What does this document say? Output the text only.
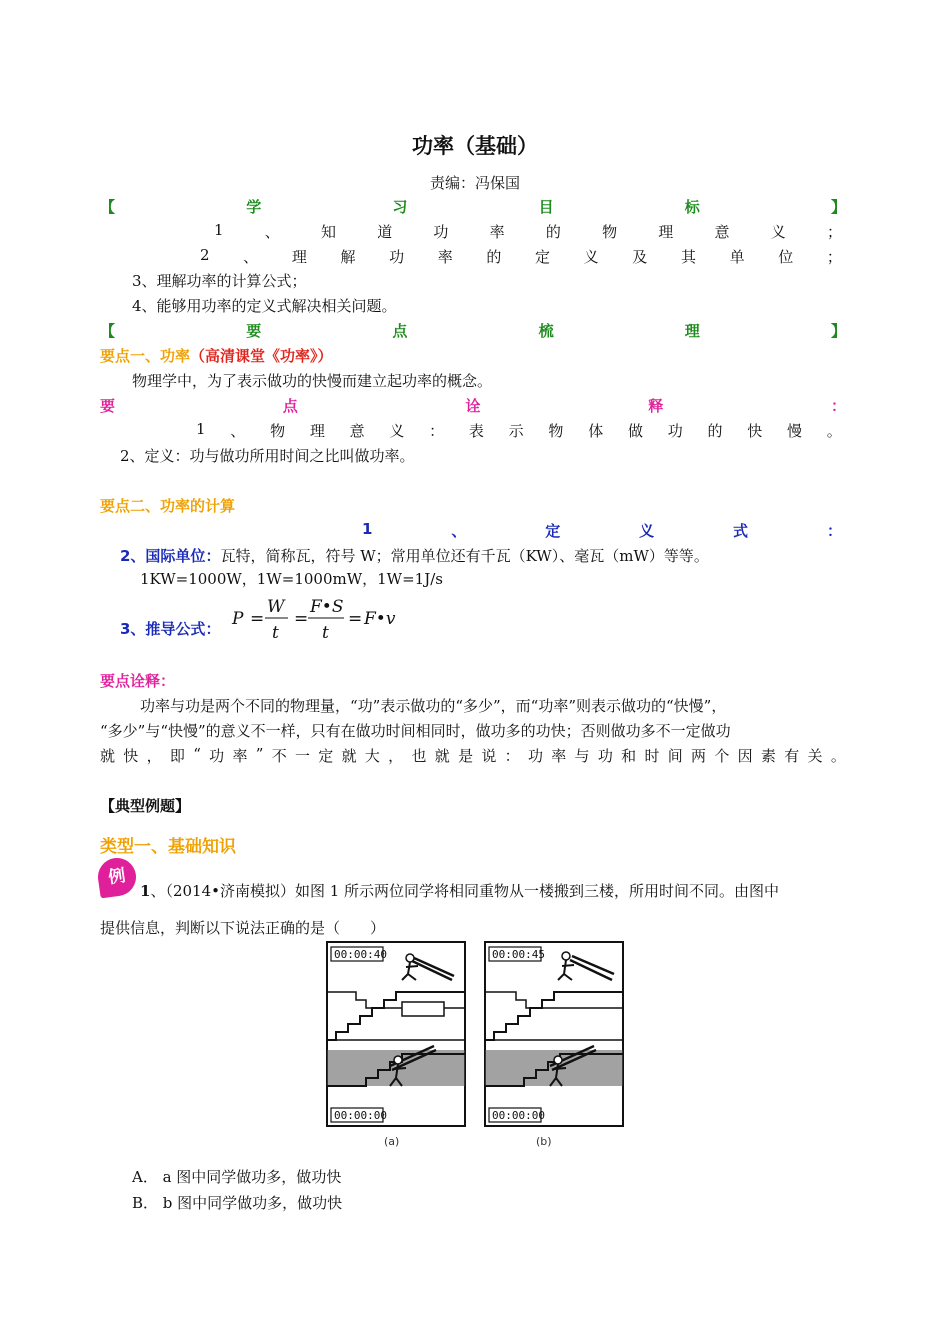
功率（基础）
责编：冯保国
【	学	习	目	标	】
1	、	知	道	功	率	的	物	理	意	义	；
2 、 理 解 功 率 的 定 义 及 其 单 位 ；
3、理解功率的计算公式；
4、能够用功率的定义式解决相关问题。
【	要	点	梳	理	】
要点一、功率（高清课堂《功率》）
物理学中，为了表示做功的快慢而建立起功率的概念。
要	点	诠	释	：
1 、 物 理 意 义 ： 表 示 物 体 做 功 的 快 慢 。
2、定义：功与做功所用时间之比叫做功率。
要点二、功率的计算
1	、	定	义	式	：
2、国际单位：瓦特，简称瓦，符号 W；常用单位还有千瓦（KW）、毫瓦（mW）等等。
1KW=1000W，1W=1000mW，1W=1J/s
3、推导公式： P =
W
t
=
F•S
t
= F•v
要点诠释：
功率与功是两个不同的物理量，“功”表示做功的“多少”，而“功率”则表示做功的“快慢”，
“多少”与“快慢”的意义不一样，只有在做功时间相同时，做功多的功快；否则做功多不一定做功
就 快 ， 即 “ 功 率 ” 不 一 定 就 大 ， 也 就 是 说 ： 功 率 与 功 和 时 间 两 个 因 素 有 关 。
【典型例题】
类型一、基础知识
例
1、（2014•济南模拟）如图 1 所示两位同学将相同重物从一楼搬到三楼，所用时间不同。由图中
提供信息，判断以下说法正确的是（　　）
00:00:40
00:00:00
00:00:45
00:00:00
(a)	(b)
A． a 图中同学做功多，做功快
B． b 图中同学做功多，做功快
